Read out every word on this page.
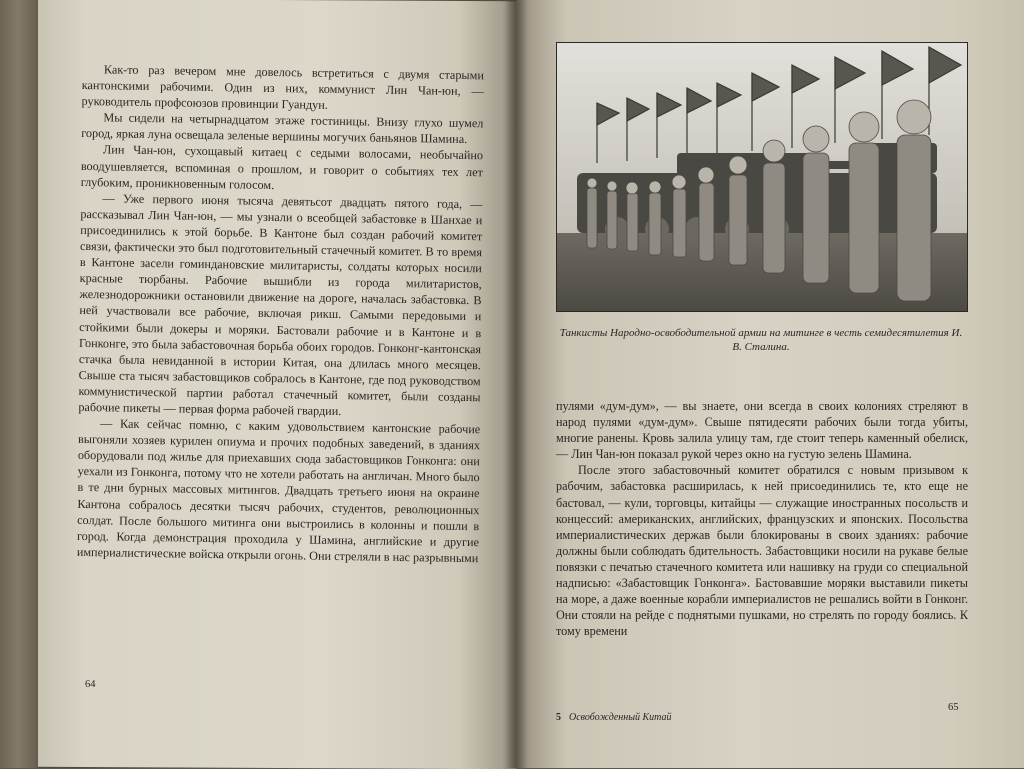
Как-то раз вечером мне довелось встретиться с двумя старыми кантонскими рабочими. Один из них, коммунист Лин Чан-юн, — руководитель профсоюзов провинции Гуандун.

Мы сидели на четырнадцатом этаже гостиницы. Внизу глухо шумел город, яркая луна освещала зеленые вершины могучих баньянов Шамина.

Лин Чан-юн, сухощавый китаец с седыми волосами, необычайно воодушевляется, вспоминая о прошлом, и говорит о событиях тех лет глубоким, проникновенным голосом.

— Уже первого июня тысяча девятьсот двадцать пятого года, — рассказывал Лин Чан-юн, — мы узнали о всеобщей забастовке в Шанхае и присоединились к этой борьбе. В Кантоне был создан рабочий комитет связи, фактически это был подготовительный стачечный комитет. В то время в Кантоне засели гоминдановские милитаристы, солдаты которых носили красные тюрбаны. Рабочие вышибли из города милитаристов, железнодорожники остановили движение на дороге, началась забастовка. В ней участвовали все рабочие, включая рикш. Самыми передовыми и стойкими были докеры и моряки. Бастовали рабочие и в Кантоне и в Гонконге, это была забастовочная борьба обоих городов. Гонконг-кантонская стачка была невиданной в истории Китая, она длилась много месяцев. Свыше ста тысяч забастовщиков собралось в Кантоне, где под руководством коммунистической партии работал стачечный комитет, были созданы рабочие пикеты — первая форма рабочей гвардии.

— Как сейчас помню, с каким удовольствием кантонские рабочие выгоняли хозяев курилен опиума и прочих подобных заведений, в зданиях оборудовали под жилье для приехавших сюда забастовщиков Гонконга: они уехали из Гонконга, потому что не хотели работать на англичан. Много было в те дни бурных массовых митингов. Двадцать третьего июня на окраине Кантона собралось десятки тысяч рабочих, студентов, революционных солдат. После большого митинга они выстроились в колонны и пошли в город. Когда демонстрация проходила у Шамина, английские и другие империалистические войска открыли огонь. Они стреляли в нас разрывными

64
Танкисты Народно-освободительной армии на митинге в честь семидесятилетия И. В. Сталина.

пулями «дум-дум», — вы знаете, они всегда в своих колониях стреляют в народ пулями «дум-дум». Свыше пятидесяти рабочих были тогда убиты, многие ранены. Кровь залила улицу там, где стоит теперь каменный обелиск, — Лин Чан-юн показал рукой через окно на густую зелень Шамина.

После этого забастовочный комитет обратился с новым призывом к рабочим, забастовка расширилась, к ней присоединились те, кто еще не бастовал, — кули, торговцы, китайцы — служащие иностранных посольств и концессий: американских, английских, французских и японских. Посольства империалистических держав были блокированы в своих зданиях: рабочие должны были соблюдать бдительность. Забастовщики носили на рукаве белые повязки с печатью стачечного комитета или нашивку на груди со специальной надписью: «Забастовщик Гонконга». Бастовавшие моряки выставили пикеты на море, а даже военные корабли империалистов не решались войти в Гонконг. Они стояли на рейде с поднятыми пушками, но стрелять по городу боялись. К тому времени

5 Освобожденный Китай
65
